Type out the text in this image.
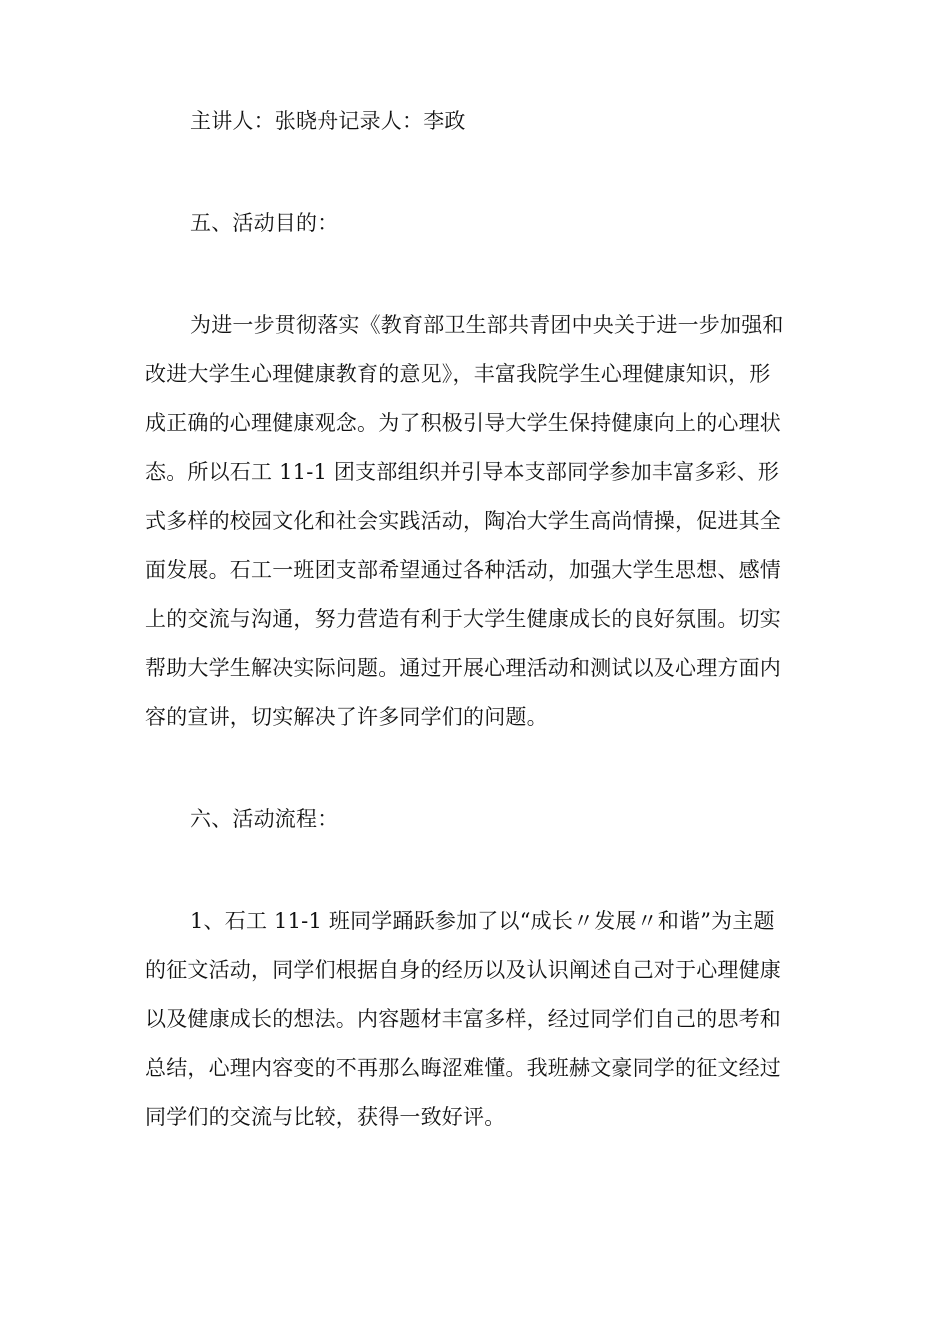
主讲人：张晓舟记录人：李政
五、活动目的：
为进一步贯彻落实《教育部卫生部共青团中央关于进一步加强和
改进大学生心理健康教育的意见》，丰富我院学生心理健康知识，形
成正确的心理健康观念。为了积极引导大学生保持健康向上的心理状
态。所以石工 11-1 团支部组织并引导本支部同学参加丰富多彩、形
式多样的校园文化和社会实践活动，陶冶大学生高尚情操，促进其全
面发展。石工一班团支部希望通过各种活动，加强大学生思想、感情
上的交流与沟通，努力营造有利于大学生健康成长的良好氛围。切实
帮助大学生解决实际问题。通过开展心理活动和测试以及心理方面内
容的宣讲，切实解决了许多同学们的问题。
六、活动流程：
1、石工 11-1 班同学踊跃参加了以“成长〃发展〃和谐”为主题
的征文活动，同学们根据自身的经历以及认识阐述自己对于心理健康
以及健康成长的想法。内容题材丰富多样，经过同学们自己的思考和
总结，心理内容变的不再那么晦涩难懂。我班赫文豪同学的征文经过
同学们的交流与比较，获得一致好评。
